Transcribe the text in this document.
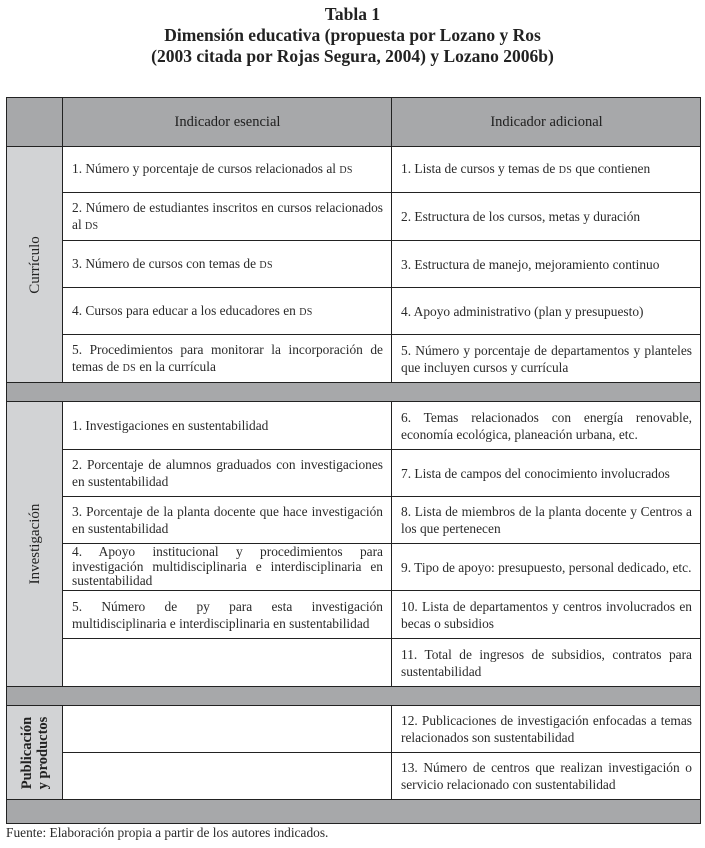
Tabla 1
Dimensión educativa (propuesta por Lozano y Ros
(2003 citada por Rojas Segura, 2004) y Lozano 2006b)
	Indicador esencial	Indicador adicional

Currículo	1. Número y porcentaje de cursos relacionados al DS	1. Lista de cursos y temas de DS que contienen
	2. Número de estudiantes inscritos en cursos relacionados al DS	2. Estructura de los cursos, metas y duración
	3. Número de cursos con temas de DS	3. Estructura de manejo, mejoramiento continuo
	4. Cursos para educar a los educadores en DS	4. Apoyo administrativo (plan y presupuesto)
	5. Procedimientos para monitorar la incorporación de temas de DS en la currícula	5. Número y porcentaje de departamentos y planteles que incluyen cursos y currícula

Investigación	1. Investigaciones en sustentabilidad	6. Temas relacionados con energía renovable, economía ecológica, planeación urbana, etc.
	2. Porcentaje de alumnos graduados con investigaciones en sustentabilidad	7. Lista de campos del conocimiento involucrados
	3. Porcentaje de la planta docente que hace investigación en sustentabilidad	8. Lista de miembros de la planta docente y Centros a los que pertenecen
	4. Apoyo institucional y procedimientos para investigación multidisciplinaria e interdisciplinaria en sustentabilidad	9. Tipo de apoyo: presupuesto, personal dedicado, etc.
	5. Número de py para esta investigación multidisciplinaria e interdisciplinaria en sustentabilidad	10. Lista de departamentos y centros involucrados en becas o subsidios
		11. Total de ingresos de subsidios, contratos para sustentabilidad

Publicación
y productos		12. Publicaciones de investigación enfocadas a temas relacionados son sustentabilidad
		13. Número de centros que realizan investigación o servicio relacionado con sustentabilidad

Fuente: Elaboración propia a partir de los autores indicados.
